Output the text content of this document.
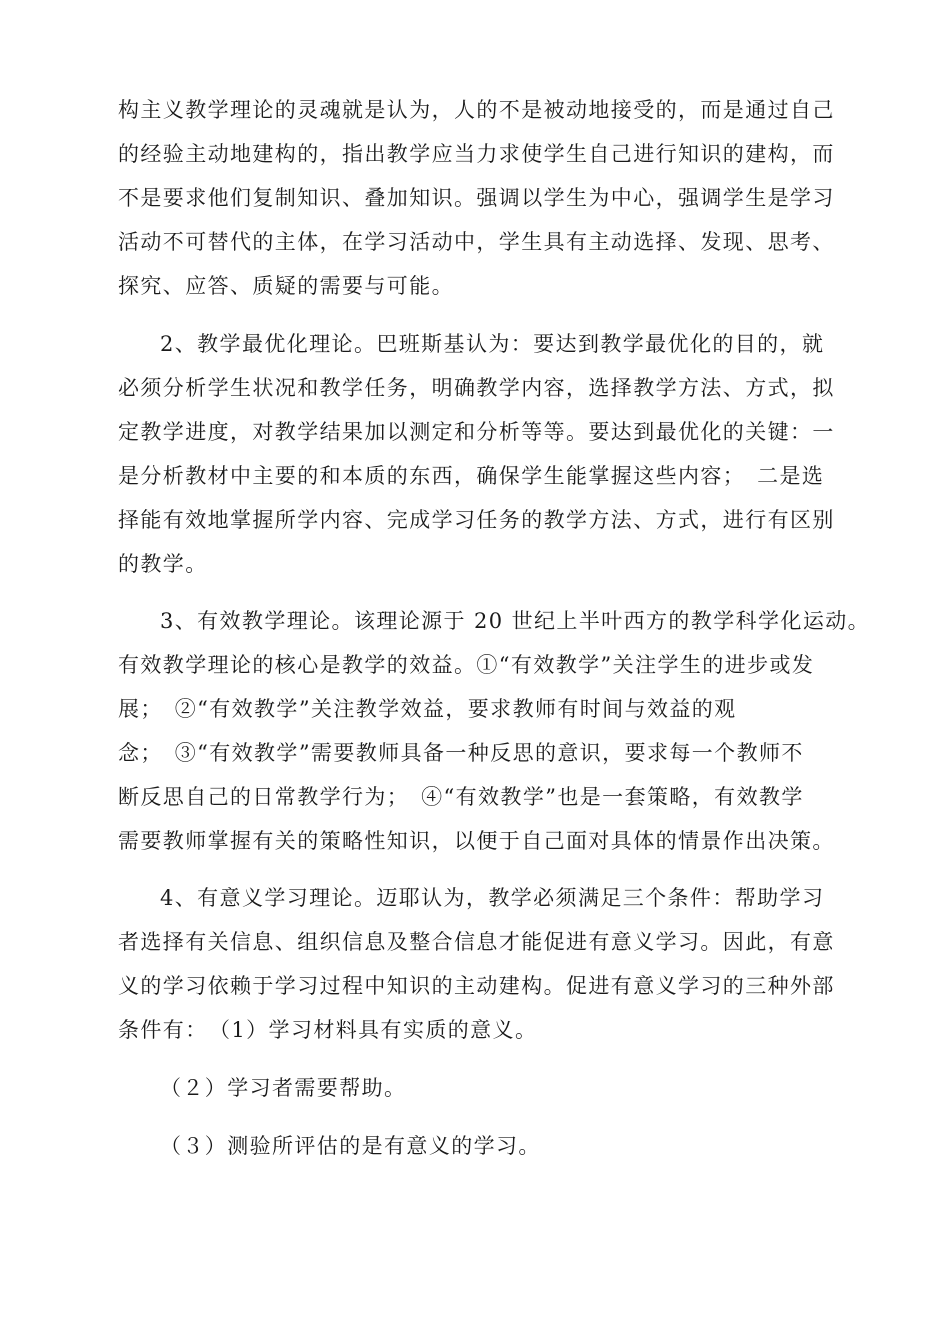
构主义教学理论的灵魂就是认为，人的不是被动地接受的，而是通过自己
的经验主动地建构的，指出教学应当力求使学生自己进行知识的建构，而
不是要求他们复制知识、叠加知识。强调以学生为中心，强调学生是学习
活动不可替代的主体，在学习活动中，学生具有主动选择、发现、思考、
探究、应答、质疑的需要与可能。
2、教学最优化理论。巴班斯基认为：要达到教学最优化的目的，就
必须分析学生状况和教学任务，明确教学内容，选择教学方法、方式，拟
定教学进度，对教学结果加以测定和分析等等。要达到最优化的关键：一
是分析教材中主要的和本质的东西，确保学生能掌握这些内容；　二是选
择能有效地掌握所学内容、完成学习任务的教学方法、方式，进行有区别
的教学。
3、有效教学理论。该理论源于 20 世纪上半叶西方的教学科学化运动。
有效教学理论的核心是教学的效益。①“有效教学”关注学生的进步或发
展；　②“有效教学”关注教学效益，要求教师有时间与效益的观
念；　③“有效教学”需要教师具备一种反思的意识，要求每一个教师不
断反思自己的日常教学行为；　④“有效教学”也是一套策略，有效教学
需要教师掌握有关的策略性知识，以便于自己面对具体的情景作出决策。
4、有意义学习理论。迈耶认为，教学必须满足三个条件：帮助学习
者选择有关信息、组织信息及整合信息才能促进有意义学习。因此，有意
义的学习依赖于学习过程中知识的主动建构。促进有意义学习的三种外部
条件有：　（1）学习材料具有实质的意义。
（２）学习者需要帮助。
（３）测验所评估的是有意义的学习。
